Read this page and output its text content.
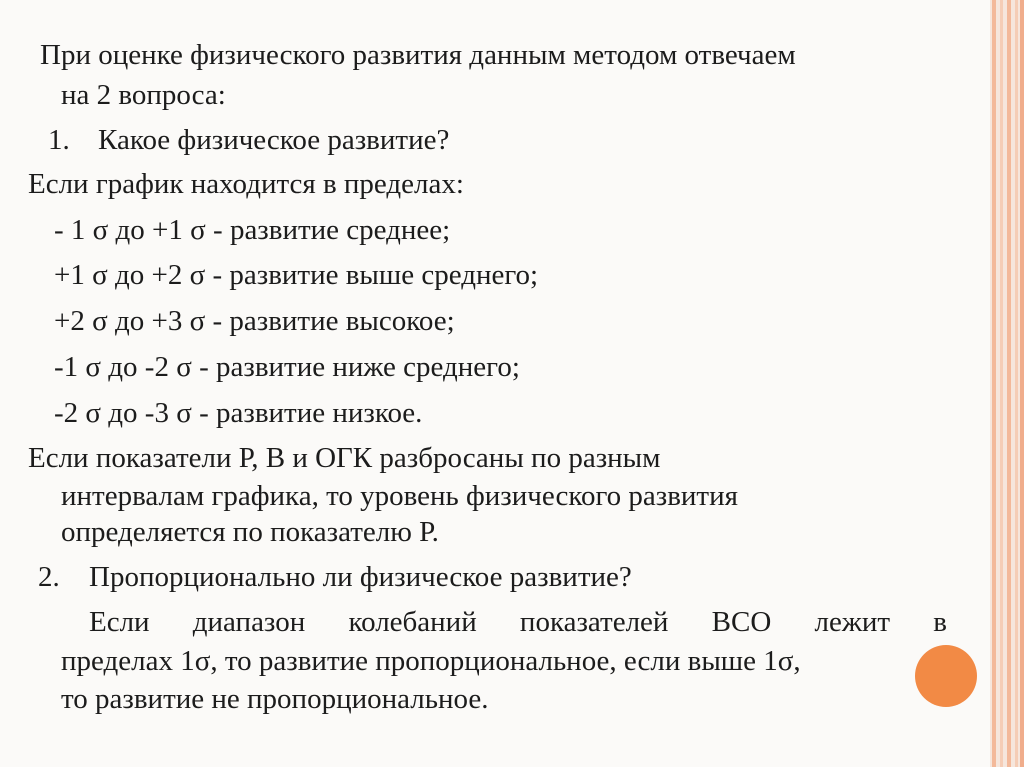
При оценке физического развития данным методом отвечаем
на 2 вопроса:
1. Какое физическое развитие?
Если график находится в пределах:
- 1 σ до +1 σ - развитие среднее;
+1 σ до +2 σ - развитие выше среднего;
+2 σ до +3 σ - развитие высокое;
-1 σ до -2 σ - развитие ниже среднего;
-2 σ до -3 σ - развитие низкое.
Если показатели Р, В и ОГК разбросаны по разным
интервалам графика, то уровень физического развития
определяется по показателю Р.
2. Пропорционально ли физическое развитие?
Если диапазон колебаний показателей ВСО лежит в
пределах 1σ, то развитие пропорциональное, если выше 1σ,
то развитие не пропорциональное.
